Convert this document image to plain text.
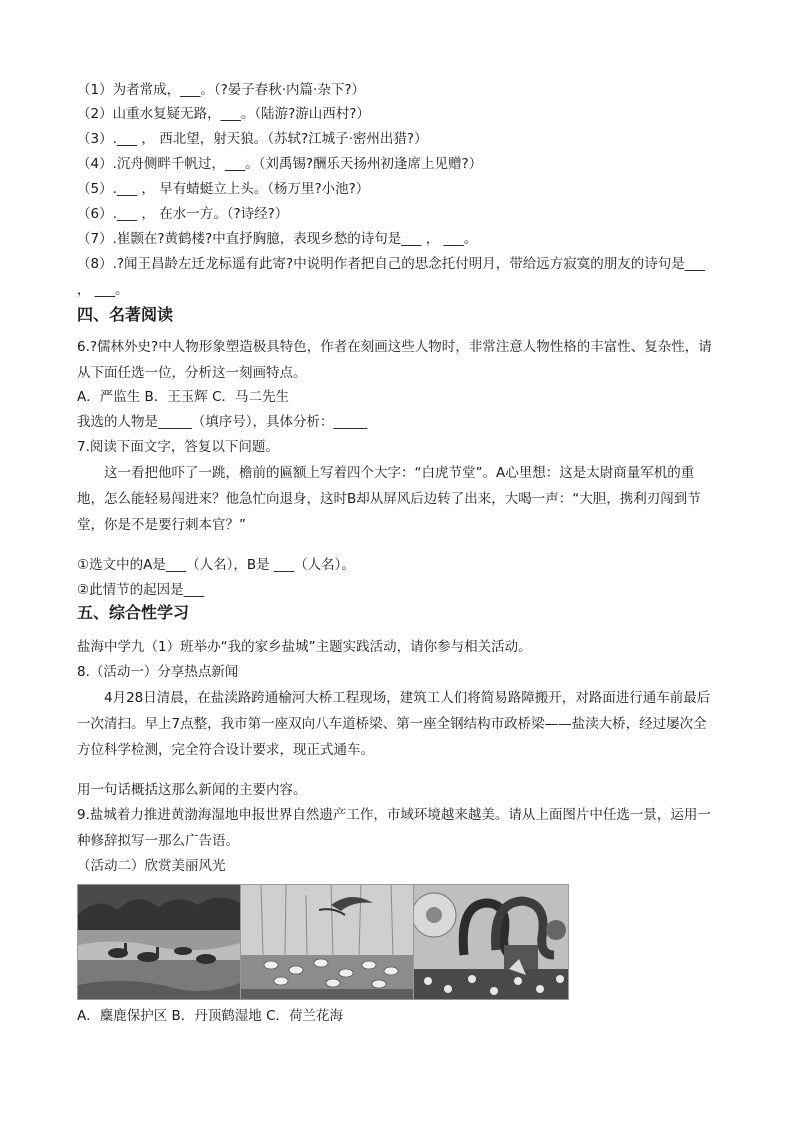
（1）为者常成，___。（?晏子春秋·内篇·杂下?）
（2）山重水复疑无路，___。（陆游?游山西村?）
（3）.___ ， 西北望，射天狼。（苏轼?江城子·密州出猎?）
（4）.沉舟侧畔千帆过，___。（刘禹锡?酬乐天扬州初逢席上见赠?）
（5）.___ ， 早有蜻蜓立上头。（杨万里?小池?）
（6）.___ ， 在水一方。（?诗经?）
（7）.崔颢在?黄鹤楼?中直抒胸臆，表现乡愁的诗句是___ ， ___。
（8）.?闻王昌龄左迁龙标遥有此寄?中说明作者把自己的思念托付明月，带给远方寂寞的朋友的诗句是___ ， ___。
四、名著阅读
6.?儒林外史?中人物形象塑造极具特色，作者在刻画这些人物时，非常注意人物性格的丰富性、复杂性，请从下面任选一位，分析这一刻画特点。
A．严监生 B．王玉辉 C．马二先生
我选的人物是_____（填序号），具体分析：_____
7.阅读下面文字，答复以下问题。
这一看把他吓了一跳，檐前的匾额上写着四个大字：“白虎节堂”。A心里想：这是太尉商量军机的重地，怎么能轻易闯进来？他急忙向退身，这时B却从屏风后边转了出来，大喝一声：“大胆，携利刃闯到节堂，你是不是要行刺本官？”
①选文中的A是___（人名），B是 ___（人名）。
②此情节的起因是___
五、综合性学习
盐海中学九（1）班举办“我的家乡盐城”主题实践活动，请你参与相关活动。
8.（活动一）分享热点新闻
4月28日清晨，在盐渎路跨通榆河大桥工程现场，建筑工人们将简易路障搬开，对路面进行通车前最后一次清扫。早上7点整，我市第一座双向八车道桥梁、第一座全钢结构市政桥梁——盐渎大桥，经过屡次全方位科学检测，完全符合设计要求，现正式通车。
用一句话概括这那么新闻的主要内容。
9.盐城着力推进黄渤海湿地申报世界自然遗产工作，市域环境越来越美。请从上面图片中任选一景，运用一种修辞拟写一那么广告语。
（活动二）欣赏美丽风光
A．麋鹿保护区 B．丹顶鹤湿地 C．荷兰花海
